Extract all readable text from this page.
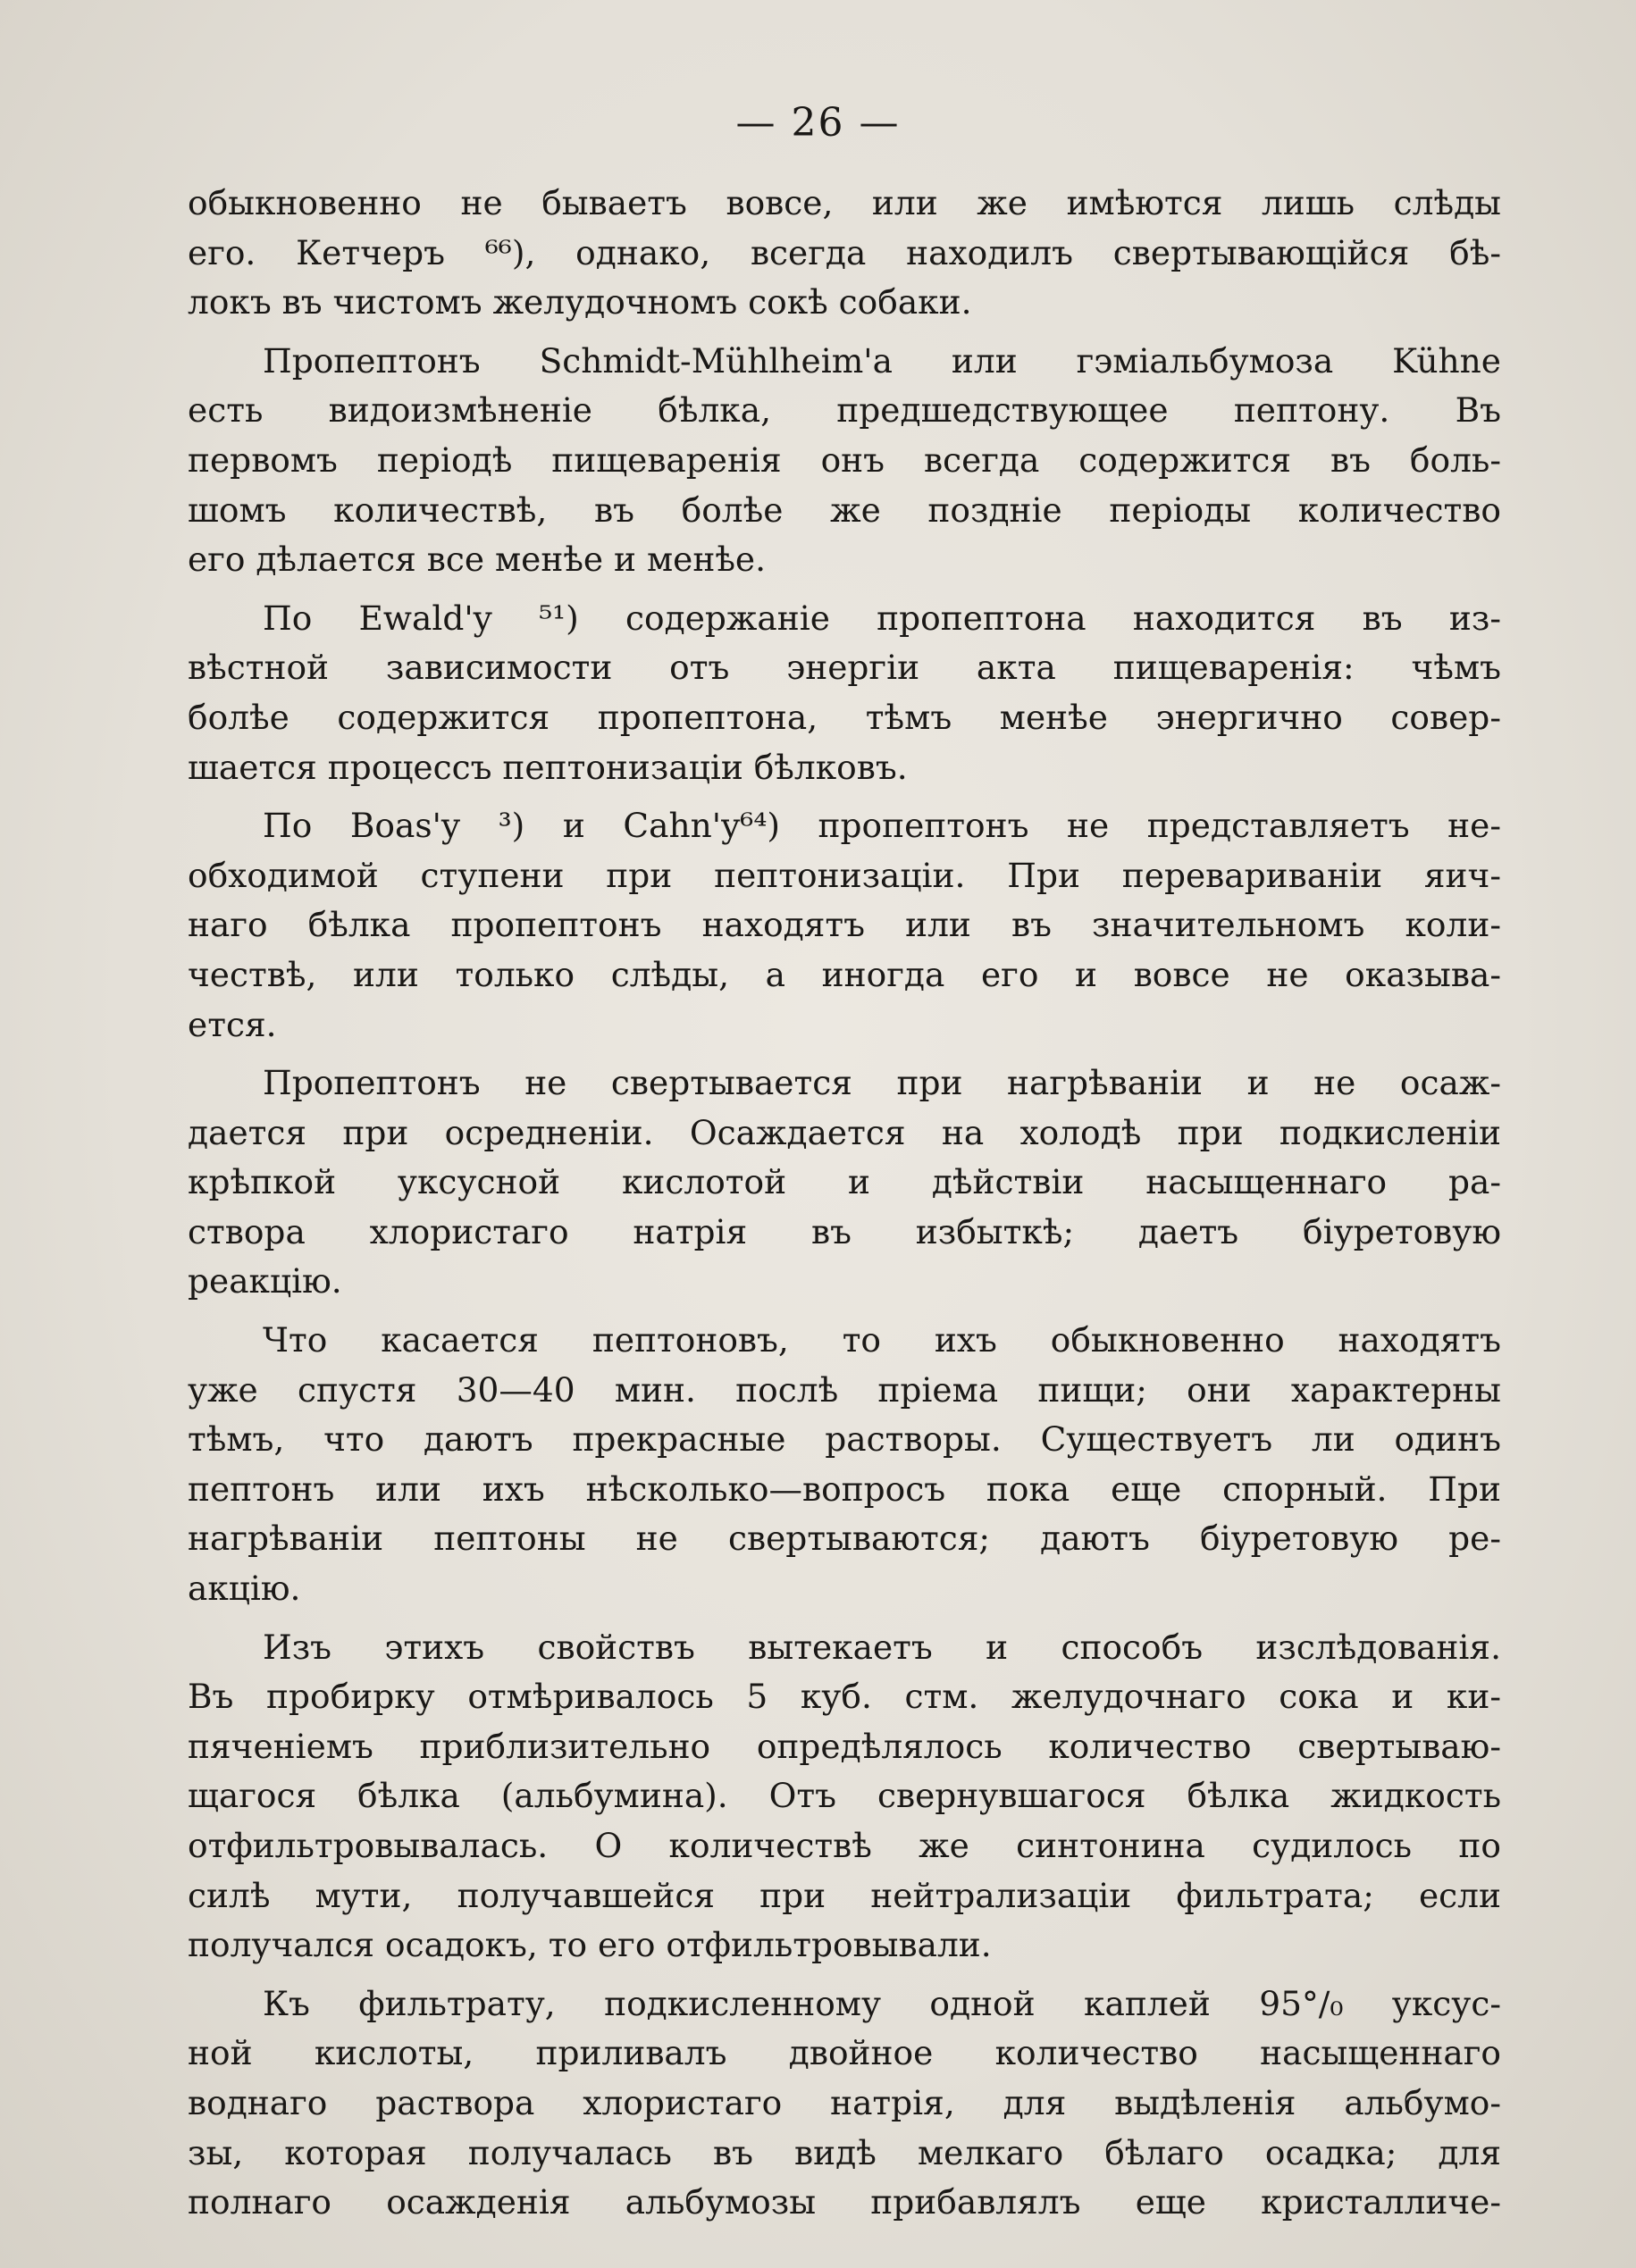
— 26 —
обыкновенно не бываетъ вовсе, или же имѣются лишь слѣды
его. Кетчеръ ⁶⁶), однако, всегда находилъ свертывающійся бѣ-
локъ въ чистомъ желудочномъ сокѣ собаки.
Пропептонъ Schmidt-Mühlheim'a или гэміальбумоза Kühne
есть видоизмѣненіе бѣлка, предшедствующее пептону. Въ
первомъ періодѣ пищеваренія онъ всегда содержится въ боль-
шомъ количествѣ, въ болѣе же позднiе періоды количество
его дѣлается все менѣе и менѣе.
По Ewald'y ⁵¹) содержаніе пропептона находится въ из-
вѣстной зависимости отъ энергіи акта пищеваренія: чѣмъ
болѣе содержится пропептона, тѣмъ менѣе энергично совер-
шается процессъ пептонизаціи бѣлковъ.
По Boas'y ³) и Cahn'y⁶⁴) пропептонъ не представляетъ не-
обходимой ступени при пептонизаціи. При переваривaніи яич-
наго бѣлка пропептонъ находятъ или въ значительномъ коли-
чествѣ, или только слѣды, а иногда его и вовсе не оказыва-
ется.
Пропептонъ не свертывается при нагрѣваніи и не осаж-
дается при осредненіи. Осаждается на холодѣ при подкисленіи
крѣпкой уксусной кислотой и дѣйствіи насыщеннаго ра-
створа хлористаго натрія въ избыткѣ; даетъ біуретовую
реакцію.
Что касается пептоновъ, то ихъ обыкновенно находятъ
уже спустя 30—40 мин. послѣ пріема пищи; они характерны
тѣмъ, что даютъ прекрасные растворы. Существуетъ ли одинъ
пептонъ или ихъ нѣсколько—вопросъ пока еще спорный. При
нагрѣваніи пептоны не свертываются; даютъ біуретовую ре-
акцію.
Изъ этихъ свойствъ вытекаетъ и способъ изслѣдованія.
Въ пробирку отмѣривалось 5 куб. стм. желудочнаго сока и ки-
пяченіемъ приблизительно опредѣлялось количество свертываю-
щагося бѣлка (альбумина). Отъ свернувшагося бѣлка жидкость
отфильтровывалась. О количествѣ же синтонина судилось по
силѣ мути, получавшейся при нейтрализаціи фильтрата; если
получался осадокъ, то его отфильтровывали.
Къ фильтрату, подкисленному одной каплей 95°/₀ уксус-
ной кислоты, приливалъ двойное количество насыщеннаго
воднаго раствора хлористаго натрія, для выдѣленія альбумо-
зы, которая получалась въ видѣ мелкаго бѣлаго осадка; для
полнаго осажденія альбумозы прибавлялъ еще кристалличе-
